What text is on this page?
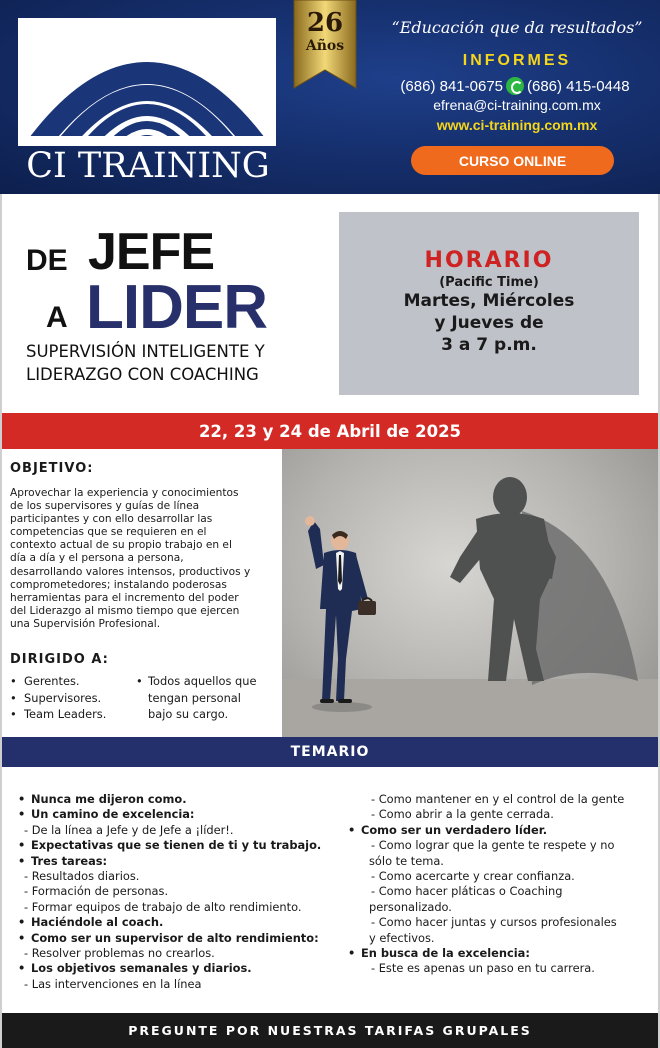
CI TRAINING
26
Años
“Educación que da resultados”
INFORMES
(686) 841-0675 (686) 415-0448
efrena@ci-training.com.mx
www.ci-training.com.mx
CURSO ONLINE
DE JEFE
A LIDER
SUPERVISIÓN INTELIGENTE Y
LIDERAZGO CON COACHING
HORARIO
(Pacific Time)
Martes, Miércoles
y Jueves de
3 a 7 p.m.
22, 23 y 24 de Abril de 2025
OBJETIVO:
Aprovechar la experiencia y conocimientos
de los supervisores y guías de línea
participantes y con ello desarrollar las
competencias que se requieren en el
contexto actual de su propio trabajo en el
día a día y el persona a persona,
desarrollando valores intensos, productivos y
comprometedores; instalando poderosas
herramientas para el incremento del poder
del Liderazgo al mismo tiempo que ejercen
una Supervisión Profesional.
DIRIGIDO A:
• Gerentes.
• Supervisores.
• Team Leaders.
• Todos aquellos que
tengan personal
bajo su cargo.
TEMARIO
• Nunca me dijeron como.
• Un camino de excelencia:
- De la línea a Jefe y de Jefe a ¡líder!.
• Expectativas que se tienen de ti y tu trabajo.
• Tres tareas:
- Resultados diarios.
- Formación de personas.
- Formar equipos de trabajo de alto rendimiento.
• Haciéndole al coach.
• Como ser un supervisor de alto rendimiento:
- Resolver problemas no crearlos.
• Los objetivos semanales y diarios.
- Las intervenciones en la línea
- Como mantener en y el control de la gente
- Como abrir a la gente cerrada.
• Como ser un verdadero líder.
- Como lograr que la gente te respete y no
sólo te tema.
- Como acercarte y crear confianza.
- Como hacer pláticas o Coaching
personalizado.
- Como hacer juntas y cursos profesionales
y efectivos.
• En busca de la excelencia:
- Este es apenas un paso en tu carrera.
PREGUNTE POR NUESTRAS TARIFAS GRUPALES
